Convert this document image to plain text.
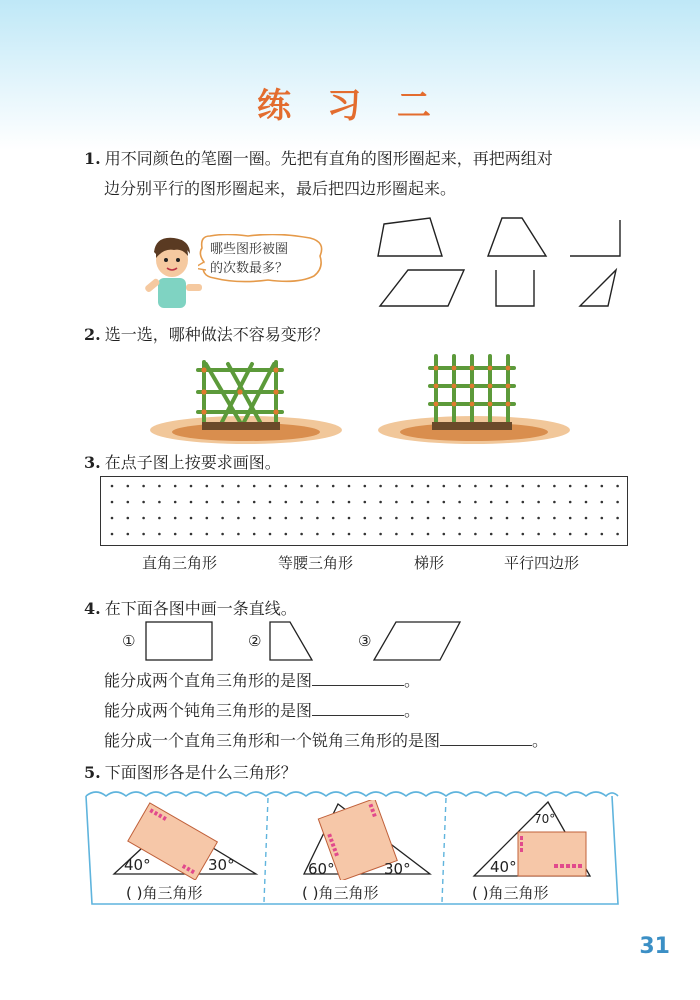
练 习 二
1. 用不同颜色的笔圈一圈。先把有直角的图形圈起来，再把两组对
边分别平行的图形圈起来，最后把四边形圈起来。
哪些图形被圈
的次数最多？
2. 选一选，哪种做法不容易变形？
3. 在点子图上按要求画图。
直角三角形	等腰三角形	梯形	平行四边形
4. 在下面各图中画一条直线。
①	②	③
能分成两个直角三角形的是图	。
能分成两个钝角三角形的是图	。
能分成一个直角三角形和一个锐角三角形的是图	。
5. 下面图形各是什么三角形？
40°	30°
( )角三角形
60°	30°
( )角三角形
70°
40°
( )角三角形
31
